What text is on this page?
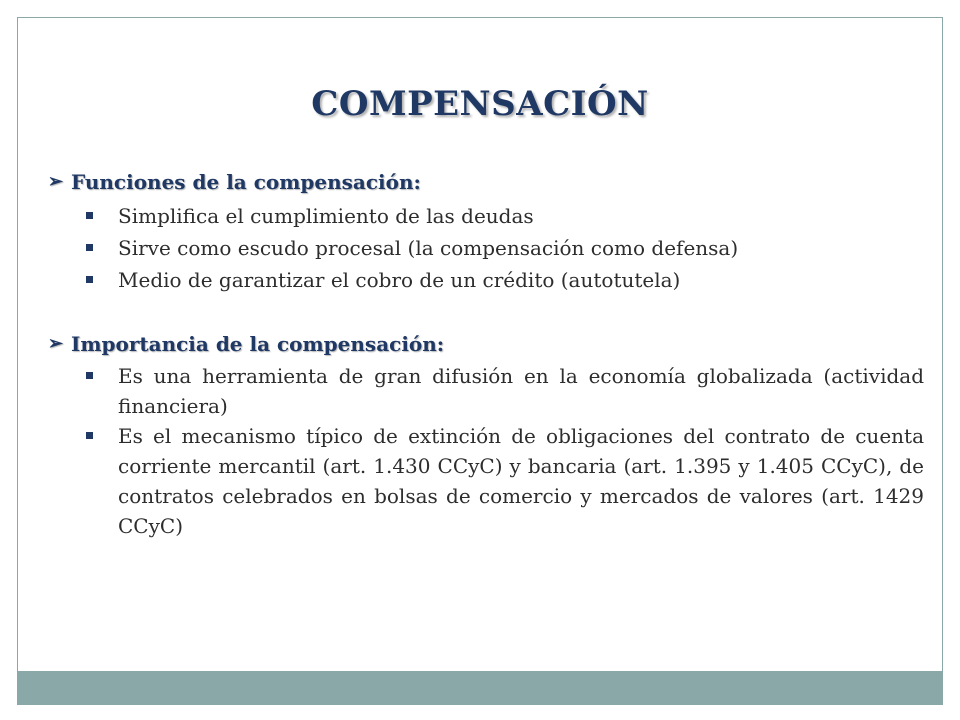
COMPENSACIÓN
➢ Funciones de la compensación:
Simplifica el cumplimiento de las deudas
Sirve como escudo procesal (la compensación como defensa)
Medio de garantizar el cobro de un crédito (autotutela)
➢ Importancia de la compensación:
Es una herramienta de gran difusión en la economía globalizada (actividad financiera)
Es el mecanismo típico de extinción de obligaciones del contrato de cuenta corriente mercantil (art. 1.430 CCyC) y bancaria (art. 1.395 y 1.405 CCyC), de contratos celebrados en bolsas de comercio y mercados de valores (art. 1429 CCyC)
